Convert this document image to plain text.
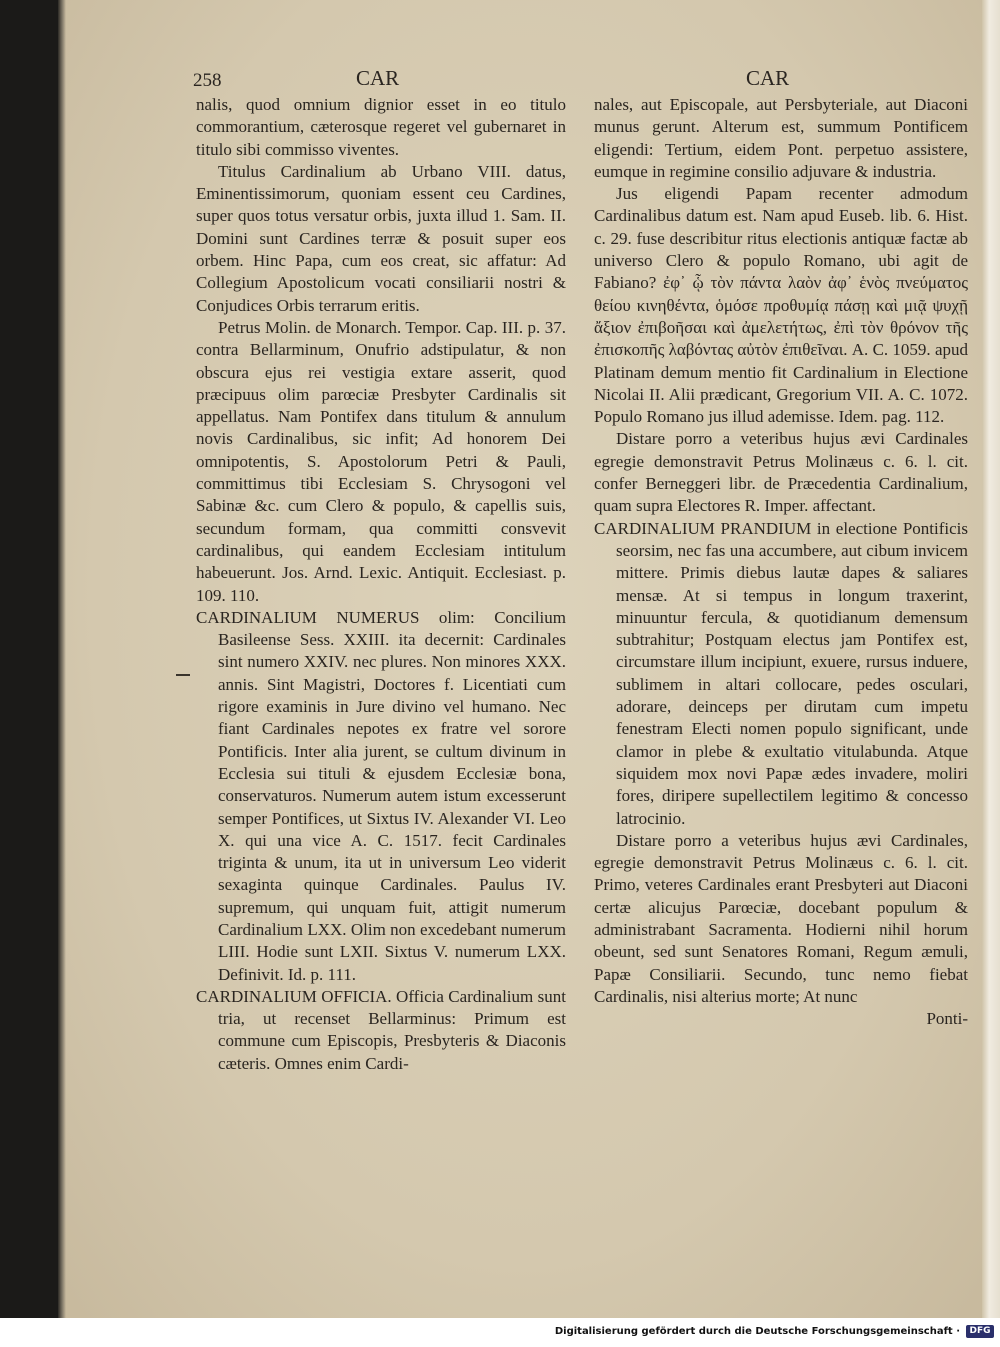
258	CAR	CAR

nalis, quod omnium dignior esset in eo titulo commorantium, cæterosque regeret vel gubernaret in titulo sibi commisso viventes.

Titulus Cardinalium ab Urbano VIII. datus, Eminentissimorum, quoniam essent ceu Cardines, super quos totus versatur orbis, juxta illud 1. Sam. II. Domini sunt Cardines terræ & posuit super eos orbem. Hinc Papa, cum eos creat, sic affatur: Ad Collegium Apostolicum vocati consiliarii nostri & Conjudices Orbis terrarum eritis.

Petrus Molin. de Monarch. Tempor. Cap. III. p. 37. contra Bellarminum, Onufrio adstipulatur, & non obscura ejus rei vestigia extare asserit, quod præcipuus olim parœciæ Presbyter Cardinalis sit appellatus. Nam Pontifex dans titulum & annulum novis Cardinalibus, sic infit; Ad honorem Dei omnipotentis, S. Apostolorum Petri & Pauli, committimus tibi Ecclesiam S. Chrysogoni vel Sabinæ &c. cum Clero & populo, & capellis suis, secundum formam, qua committi consvevit cardinalibus, qui eandem Ecclesiam intitulum habeuerunt. Jos. Arnd. Lexic. Antiquit. Ecclesiast. p. 109. 110.

CARDINALIUM NUMERUS olim: Concilium Basileense Sess. XXIII. ita decernit: Cardinales sint numero XXIV. nec plures. Non minores XXX. annis. Sint Magistri, Doctores f. Licentiati cum rigore examinis in Jure divino vel humano. Nec fiant Cardinales nepotes ex fratre vel sorore Pontificis. Inter alia jurent, se cultum divinum in Ecclesia sui tituli & ejusdem Ecclesiæ bona, conservaturos. Numerum autem istum excesserunt semper Pontifices, ut Sixtus IV. Alexander VI. Leo X. qui una vice A. C. 1517. fecit Cardinales triginta & unum, ita ut in universum Leo viderit sexaginta quinque Cardinales. Paulus IV. supremum, qui unquam fuit, attigit numerum Cardinalium LXX. Olim non excedebant numerum LIII. Hodie sunt LXII. Sixtus V. numerum LXX. Definivit. Id. p. 111.

CARDINALIUM OFFICIA. Officia Cardinalium sunt tria, ut recenset Bellarminus: Primum est commune cum Episcopis, Presbyteris & Diaconis cæteris. Omnes enim Cardi-

nales, aut Episcopale, aut Persbyteriale, aut Diaconi munus gerunt. Alterum est, summum Pontificem eligendi: Tertium, eidem Pont. perpetuo assistere, eumque in regimine consilio adjuvare & industria.

Jus eligendi Papam recenter admodum Cardinalibus datum est. Nam apud Euseb. lib. 6. Hist. c. 29. fuse describitur ritus electionis antiquæ factæ ab universo Clero & populo Romano, ubi agit de Fabiano? ἐφ᾽ ᾧ τὸν πάντα λαὸν ἀφ᾽ ἑνὸς πνεύματος θείου κινηθέντα, ὁμόσε προθυμίᾳ πάσῃ καὶ μιᾷ ψυχῇ ἄξιον ἐπιβοῆσαι καὶ ἀμελετήτως, ἐπὶ τὸν θρόνον τῆς ἐπισκοπῆς λαβόντας αὐτὸν ἐπιθεῖναι. A. C. 1059. apud Platinam demum mentio fit Cardinalium in Electione Nicolai II. Alii prædicant, Gregorium VII. A. C. 1072. Populo Romano jus illud ademisse. Idem. pag. 112.

Distare porro a veteribus hujus ævi Cardinales egregie demonstravit Petrus Molinæus c. 6. l. cit. confer Berneggeri libr. de Præcedentia Cardinalium, quam supra Electores R. Imper. affectant.

CARDINALIUM PRANDIUM in electione Pontificis seorsim, nec fas una accumbere, aut cibum invicem mittere. Primis diebus lautæ dapes & saliares mensæ. At si tempus in longum traxerint, minuuntur fercula, & quotidianum demensum subtrahitur; Postquam electus jam Pontifex est, circumstare illum incipiunt, exuere, rursus induere, sublimem in altari collocare, pedes osculari, adorare, deinceps per dirutam cum impetu fenestram Electi nomen populo significant, unde clamor in plebe & exultatio vitulabunda. Atque siquidem mox novi Papæ ædes invadere, moliri fores, diripere supellectilem legitimo & concesso latrocinio.

Distare porro a veteribus hujus ævi Cardinales, egregie demonstravit Petrus Molinæus c. 6. l. cit. Primo, veteres Cardinales erant Presbyteri aut Diaconi certæ alicujus Parœciæ, docebant populum & administrabant Sacramenta. Hodierni nihil horum obeunt, sed sunt Senatores Romani, Regum æmuli, Papæ Consiliarii. Secundo, tunc nemo fiebat Cardinalis, nisi alterius morte; At nunc

Ponti-

Digitalisierung gefördert durch die Deutsche Forschungsgemeinschaft ·	DFG
